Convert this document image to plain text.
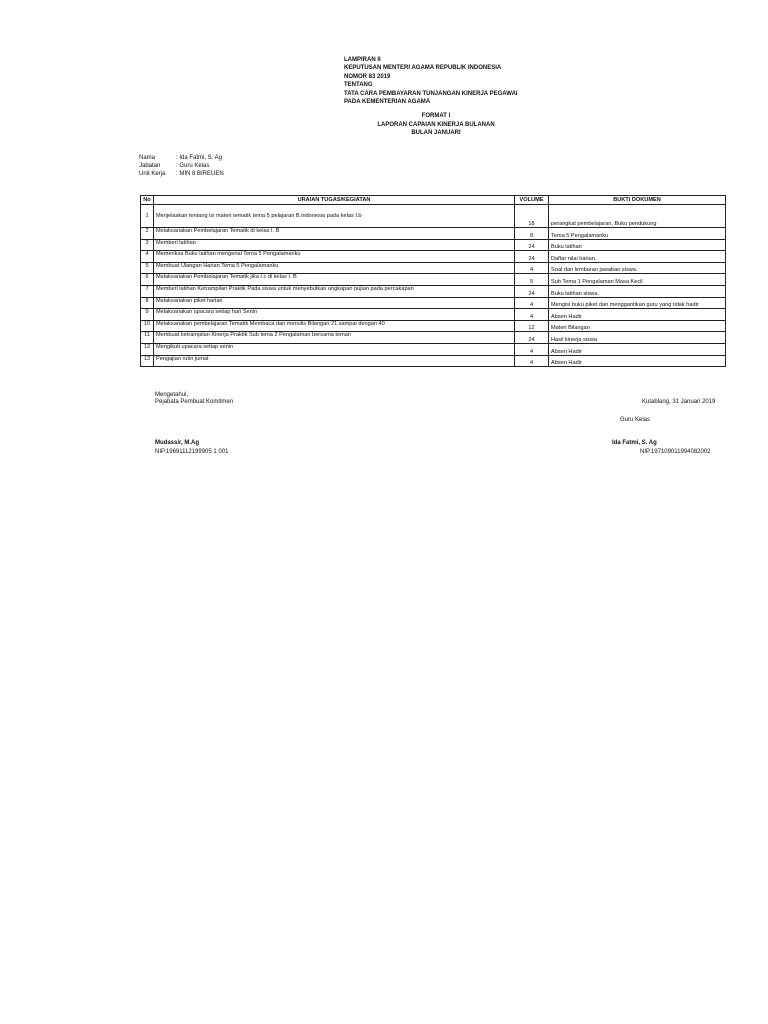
LAMPIRAN II
KEPUTUSAN MENTERI AGAMA REPUBLIK INDONESIA
NOMOR 83 2019
TENTANG
TATA CARA PEMBAYARAN TUNJANGAN KINERJA PEGAWAI
PADA KEMENTERIAN AGAMA
FORMAT I
LAPORAN CAPAIAN KINERJA BULANAN
BULAN JANUARI
Nama	: Ida Fatmi, S. Ag
Jabatan	: Guru Kelas
Unit Kerja : MIN 8 BIREUEN
No	URAIAN TUGAS/KEGIATAN	VOLUME	BUKTI DOKUMEN
1	Menjelaskan tentang isi materi tematik tema 5 pelajaran B.indonesia pada kelas I.b	18	perangkat pembelajaran, Buku pendukung
2	Melaksanakan Pembelajaran Tematik di kelas I. B	8	Tema 5 Pengalamanku
3	Memberi latihan	24	Buku latihan
4	Memeriksa Buku latihan mengenai Tema 5 Pengalamanku	24	Daftar nilai harian.
5	Membuat Ulangan Harian Tema 5 Pengalamanku	4	Soal dan lembaran jawaban siswa.
6	Melaksanakan Pembelajaran Tematik jika I.c di kelas I. B	5	Sub Tema 1 Pengalaman Masa Kecil
7	Memberi latihan Ketrampilan Praktik Pada siswa untuk menyebutkan ungkapan pujian pada percakapan	24	Buku latihan siswa.
8	Melaksanakan piket harian	4	Mengisi buku piket dan menggantikan guru yang tidak hadir
9	Melaksanakan upacara setiap hari Senin	4	Absen Hadir
10	Melaksanakan pembelajaran Tematik Membaca dan menulis Bilangan 21 sampai dengan 40	12	Materi Bilangan
11	Membuat ketrampilan Kinerja Praktik Sub tema 2 Pengalaman bersama teman	24	Hasil kinerja siswa
12	Mengikuti upacara setiap senin	4	Absen Hadir
13	Pengajian rutin jumat	4	Absen Hadir
Mengetahui,
Pejabata Pembuat Komitmen	Kutablang, 31 Januari 2019
Guru Kelas
Mudassir, M.Ag
NIP.19691112199905 1 001
Ida Fatmi, S. Ag
NIP.197109011994082002
